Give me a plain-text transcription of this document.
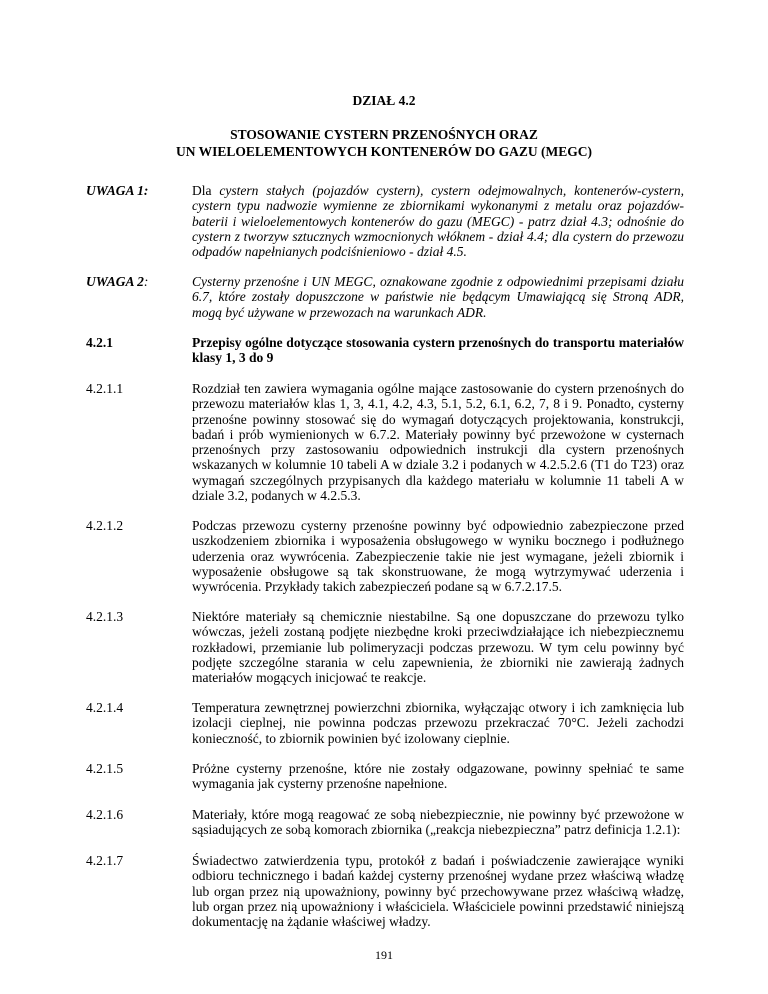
DZIAŁ 4.2
STOSOWANIE CYSTERN PRZENOŚNYCH ORAZ
UN WIELOELEMENTOWYCH KONTENERÓW DO GAZU (MEGC)
UWAGA 1:	Dla cystern stałych (pojazdów cystern), cystern odejmowalnych, kontenerów-cystern, cystern typu nadwozie wymienne ze zbiornikami wykonanymi z metalu oraz pojazdów-baterii i wieloelementowych kontenerów do gazu (MEGC) - patrz dział 4.3; odnośnie do cystern z tworzyw sztucznych wzmocnionych włóknem - dział 4.4; dla cystern do przewozu odpadów napełnianych podciśnieniowo - dział 4.5.
UWAGA 2:	Cysterny przenośne i UN MEGC, oznakowane zgodnie z odpowiednimi przepisami działu 6.7, które zostały dopuszczone w państwie nie będącym Umawiającą się Stroną ADR, mogą być używane w przewozach na warunkach ADR.
4.2.1	Przepisy ogólne dotyczące stosowania cystern przenośnych do transportu materiałów klasy 1, 3 do 9
4.2.1.1	Rozdział ten zawiera wymagania ogólne mające zastosowanie do cystern przenośnych do przewozu materiałów klas 1, 3, 4.1, 4.2, 4.3, 5.1, 5.2, 6.1, 6.2, 7, 8 i 9. Ponadto, cysterny przenośne powinny stosować się do wymagań dotyczących projektowania, konstrukcji, badań i prób wymienionych w 6.7.2. Materiały powinny być przewożone w cysternach przenośnych przy zastosowaniu odpowiednich instrukcji dla cystern przenośnych wskazanych w kolumnie 10 tabeli A w dziale 3.2 i podanych w 4.2.5.2.6 (T1 do T23) oraz wymagań szczególnych przypisanych dla każdego materiału w kolumnie 11 tabeli A w dziale 3.2, podanych w 4.2.5.3.
4.2.1.2	Podczas przewozu cysterny przenośne powinny być odpowiednio zabezpieczone przed uszkodzeniem zbiornika i wyposażenia obsługowego w wyniku bocznego i podłużnego uderzenia oraz wywrócenia. Zabezpieczenie takie nie jest wymagane, jeżeli zbiornik i wyposażenie obsługowe są tak skonstruowane, że mogą wytrzymywać uderzenia i wywrócenia. Przykłady takich zabezpieczeń podane są w 6.7.2.17.5.
4.2.1.3	Niektóre materiały są chemicznie niestabilne. Są one dopuszczane do przewozu tylko wówczas, jeżeli zostaną podjęte niezbędne kroki przeciwdziałające ich niebezpiecznemu rozkładowi, przemianie lub polimeryzacji podczas przewozu. W tym celu powinny być podjęte szczególne starania w celu zapewnienia, że zbiorniki nie zawierają żadnych materiałów mogących inicjować te reakcje.
4.2.1.4	Temperatura zewnętrznej powierzchni zbiornika, wyłączając otwory i ich zamknięcia lub izolacji cieplnej, nie powinna podczas przewozu przekraczać 70°C. Jeżeli zachodzi konieczność, to zbiornik powinien być izolowany cieplnie.
4.2.1.5	Próżne cysterny przenośne, które nie zostały odgazowane, powinny spełniać te same wymagania jak cysterny przenośne napełnione.
4.2.1.6	Materiały, które mogą reagować ze sobą niebezpiecznie, nie powinny być przewożone w sąsiadujących ze sobą komorach zbiornika („reakcja niebezpieczna” patrz definicja 1.2.1):
4.2.1.7	Świadectwo zatwierdzenia typu, protokół z badań i poświadczenie zawierające wyniki odbioru technicznego i badań każdej cysterny przenośnej wydane przez właściwą władzę lub organ przez nią upoważniony, powinny być przechowywane przez właściwą władzę, lub organ przez nią upoważniony i właściciela. Właściciele powinni przedstawić niniejszą dokumentację na żądanie właściwej władzy.
191
